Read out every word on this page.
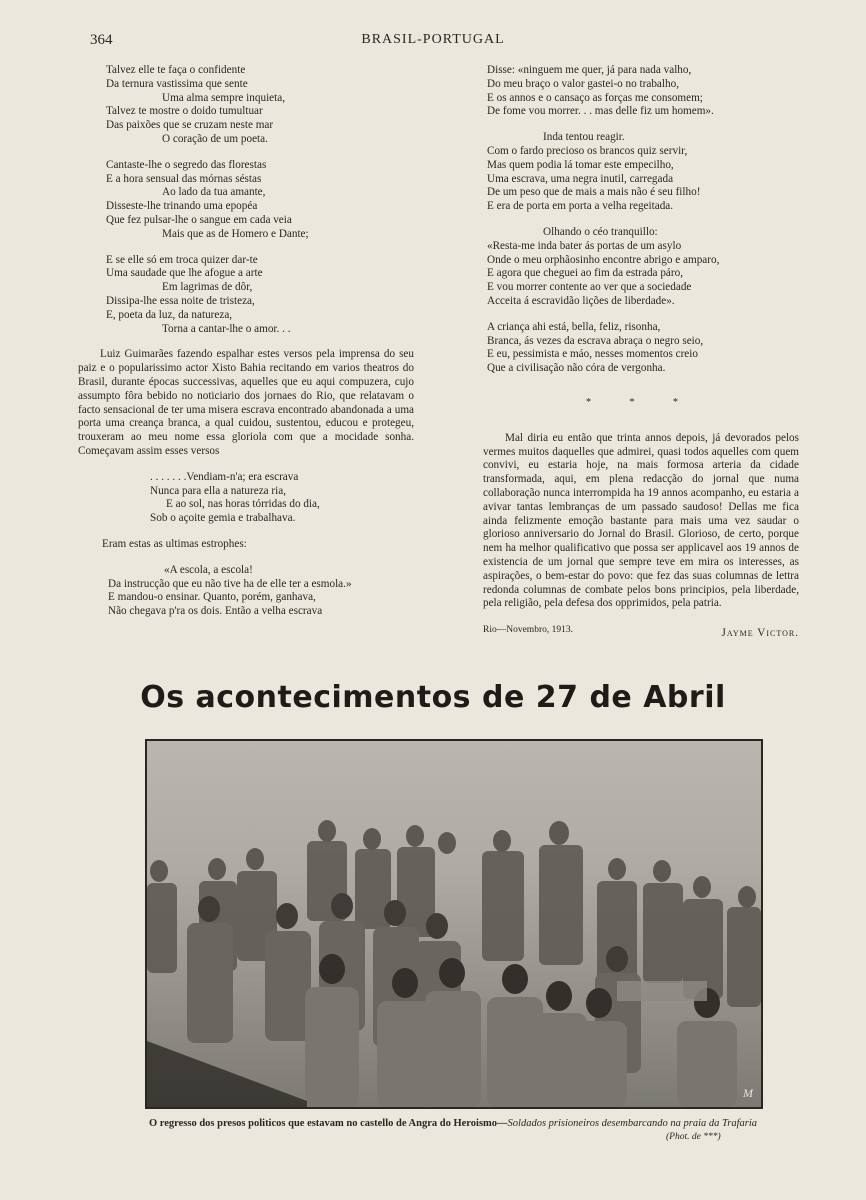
364	BRASIL-PORTUGAL
Talvez elle te faça o confidente
Da ternura vastissima que sente
Uma alma sempre inquieta,
Talvez te mostre o doido tumultuar
Das paixões que se cruzam neste mar
O coração de um poeta.
Cantaste-lhe o segredo das florestas
E a hora sensual das mórnas séstas
Ao lado da tua amante,
Disseste-lhe trinando uma epopéa
Que fez pulsar-lhe o sangue em cada veia
Mais que as de Homero e Dante;
E se elle só em troca quizer dar-te
Uma saudade que lhe afogue a arte
Em lagrimas de dôr,
Dissipa-lhe essa noite de tristeza,
E, poeta da luz, da natureza,
Torna a cantar-lhe o amor. . .

Luiz Guimarães fazendo espalhar estes versos pela imprensa do seu paiz e o popularissimo actor Xisto Bahia recitando em varios theatros do Brasil, durante épocas successivas, aquelles que eu aqui compuzera, cujo assumpto fôra bebido no noticiario dos jornaes do Rio, que relatavam o facto sensacional de ter uma misera escrava encontrado abandonada a uma porta uma creança branca, a qual cuidou, sustentou, educou e protegeu, trouxeram ao meu nome essa gloriola com que a mocidade sonha. Começavam assim esses versos

. . . . . . .Vendiam-n'a; era escrava
Nunca para ella a natureza ria,
E ao sol, nas horas tórridas do dia,
Sob o açoite gemia e trabalhava.
Eram estas as ultimas estrophes:
«A escola, a escola!
Da instrucção que eu não tive ha de elle ter a esmola.»
E mandou-o ensinar. Quanto, porém, ganhava,
Não chegava p'ra os dois. Então a velha escrava
Disse: «ninguem me quer, já para nada valho,
Do meu braço o valor gastei-o no trabalho,
E os annos e o cansaço as forças me consomem;
De fome vou morrer. . . mas delle fiz um homem».
Inda tentou reagir.
Com o fardo precioso os brancos quiz servir,
Mas quem podia lá tomar este empecilho,
Uma escrava, uma negra inutil, carregada
De um peso que de mais a mais não é seu filho!
E era de porta em porta a velha regeitada.
Olhando o céo tranquillo:
«Resta-me inda bater ás portas de um asylo
Onde o meu orphãosinho encontre abrigo e amparo,
E agora que cheguei ao fim da estrada páro,
E vou morrer contente ao ver que a sociedade
Acceita á escravidão lições de liberdade».
A criança ahi está, bella, feliz, risonha,
Branca, ás vezes da escrava abraça o negro seio,
E eu, pessimista e máo, nesses momentos creio
Que a civilisação não córa de vergonha.
* * *

Mal diria eu então que trinta annos depois, já devorados pelos vermes muitos daquelles que admirei, quasi todos aquelles com quem convivi, eu estaria hoje, na mais formosa arteria da cidade transformada, aqui, em plena redacção do jornal que numa collaboração nunca interrompida ha 19 annos acompanho, eu estaria a avivar tantas lembranças de um passado saudoso! Dellas me fica ainda felizmente emoção bastante para mais uma vez saudar o glorioso anniversario do Jornal do Brasil. Glorioso, de certo, porque nem ha melhor qualificativo que possa ser applicavel aos 19 annos de existencia de um jornal que sempre teve em mira os interesses, as aspirações, o bem-estar do povo: que fez das suas columnas de lettra redonda columnas de combate pelos bons principios, pela liberdade, pela religião, pela defesa dos opprimidos, pela patria.

Rio—Novembro, 1913.	Jayme Victor.
Os acontecimentos de 27 de Abril
M
O regresso dos presos politicos que estavam no castello de Angra do Heroismo—Soldados prisioneiros desembarcando na praia da Trafaria
(Phot. de ***)
